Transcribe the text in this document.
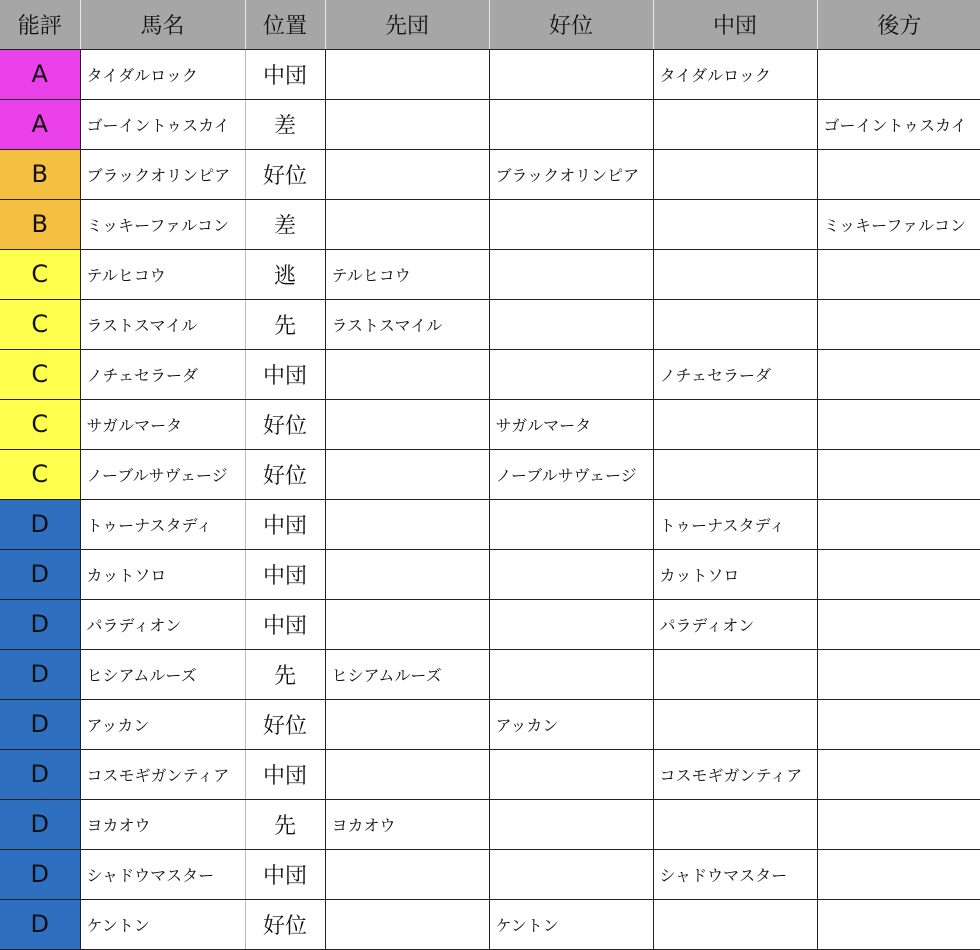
能評	馬名	位置	先団	好位	中団	後方
A	タイダルロック	中団			タイダルロック	
A	ゴーイントゥスカイ	差				ゴーイントゥスカイ
B	ブラックオリンピア	好位		ブラックオリンピア		
B	ミッキーファルコン	差				ミッキーファルコン
C	テルヒコウ	逃	テルヒコウ			
C	ラストスマイル	先	ラストスマイル			
C	ノチェセラーダ	中団			ノチェセラーダ	
C	サガルマータ	好位		サガルマータ		
C	ノーブルサヴェージ	好位		ノーブルサヴェージ		
D	トゥーナスタディ	中団			トゥーナスタディ	
D	カットソロ	中団			カットソロ	
D	パラディオン	中団			パラディオン	
D	ヒシアムルーズ	先	ヒシアムルーズ			
D	アッカン	好位		アッカン		
D	コスモギガンティア	中団			コスモギガンティア	
D	ヨカオウ	先	ヨカオウ			
D	シャドウマスター	中団			シャドウマスター	
D	ケントン	好位		ケントン		
